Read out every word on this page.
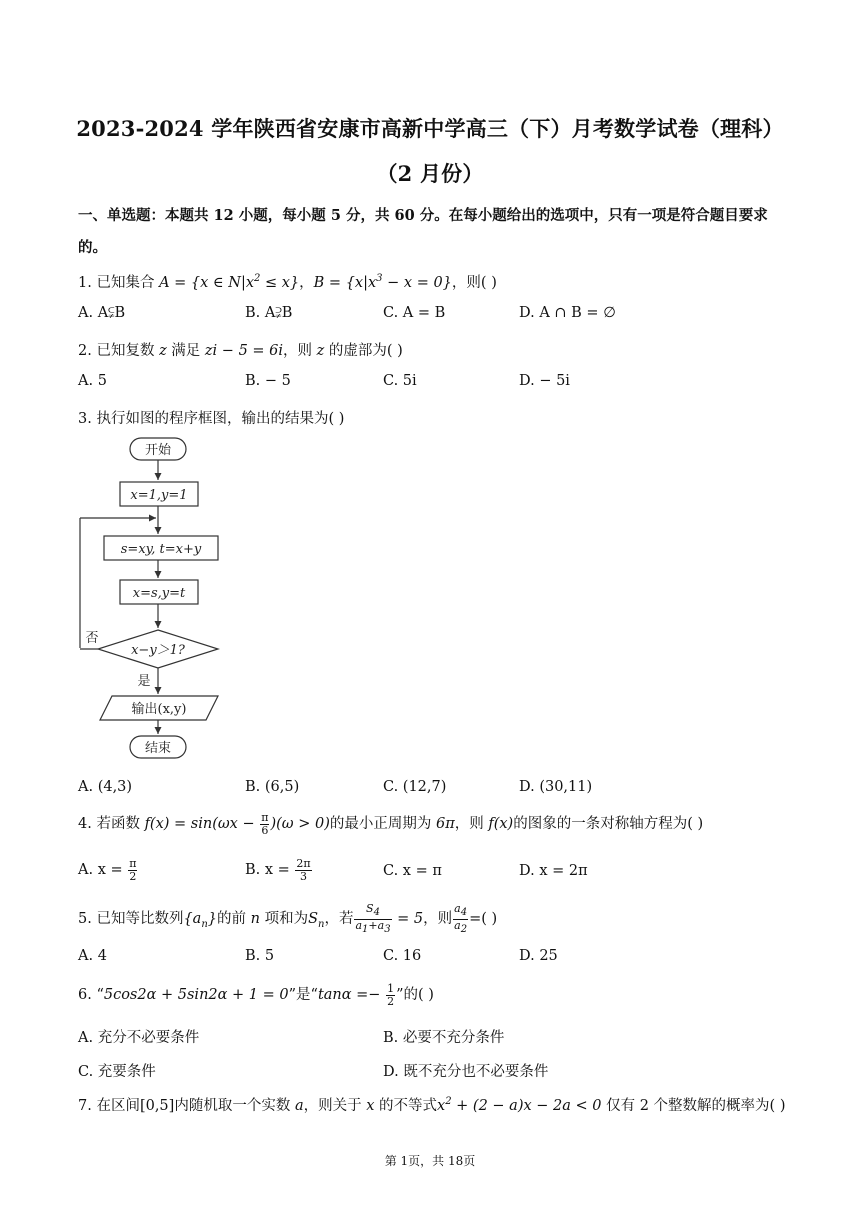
2023-2024 学年陕西省安康市高新中学高三（下）月考数学试卷（理科）
（2 月份）
一、单选题：本题共 12 小题，每小题 5 分，共 60 分。在每小题给出的选项中，只有一项是符合题目要求
的。
1. 已知集合 A = {x ∈ $N|x^2 \le x$}，$B = \{x|x^3 - x = 0\}$，则( )
A. A⫋B	B. A⫌B	C. A = B	D. A ∩ B = ∅
2. 已知复数 z 满足 zi − 5 = 6i，则 z 的虚部为( )
A. 5	B. − 5	C. 5i	D. − 5i
3. 执行如图的程序框图，输出的结果为( )
开始
x=1,y=1
s=xy, t=x+y
x=s,y=t
x−y＞1?
否
是
输出(x,y)
结束
A. (4,3)	B. (6,5)	C. (12,7)	D. (30,11)
4. 若函数 $f(x) = \sin(\omega x - \frac{\pi}{6} )(\omega > 0)$的最小正周期为 6π，则 f(x)的图象的一条对称轴方程为( )
A. $x = \frac{\pi}{2}$	B. $x = \frac{2\pi}{3}$	C. x = π	D. x = 2π
5. 已知等比数列$\{a_n\}$的前 n 项和为$S_n$，若 $\frac{S_4}{a_1+a_3} = 5$，则 $\frac{a_4}{a_2}$ =( )
A. 4	B. 5	C. 16	D. 25
6. “5cos2α + 5sin2α + 1 = 0”是“$\tan\alpha =- \frac{1}{2}$ ”的( )
A. 充分不必要条件	B. 必要不充分条件
C. 充要条件	D. 既不充分也不必要条件
7. 在区间[0,5]内随机取一个实数 a，则关于 x 的不等式$x^2 + (2 - a)x - 2a < 0$ 仅有 2 个整数解的概率为( )
第 1页，共 18页
